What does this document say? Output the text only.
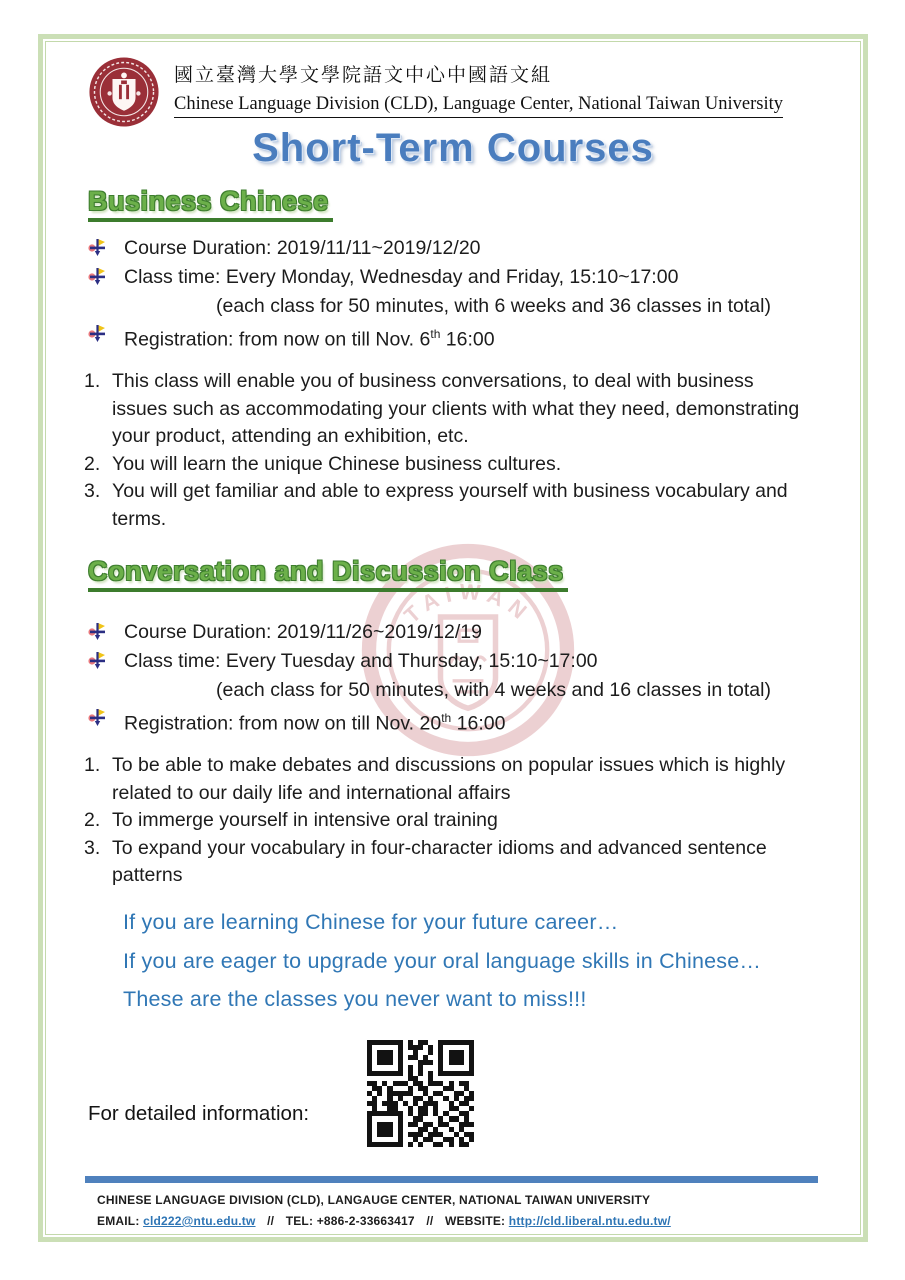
TAIWAN
國立臺灣大學文學院語文中心中國語文組
Chinese Language Division (CLD), Language Center, National Taiwan University
Short-Term Courses
Business Chinese
Course Duration: 2019/11/11~2019/12/20
Class time: Every Monday, Wednesday and Friday, 15:10~17:00
(each class for 50 minutes, with 6 weeks and 36 classes in total)
Registration: from now on till Nov. 6th 16:00
1. This class will enable you of business conversations, to deal with business issues such as accommodating your clients with what they need, demonstrating your product, attending an exhibition, etc.
2. You will learn the unique Chinese business cultures.
3. You will get familiar and able to express yourself with business vocabulary and terms.
Conversation and Discussion Class
Course Duration: 2019/11/26~2019/12/19
Class time: Every Tuesday and Thursday, 15:10~17:00
(each class for 50 minutes, with 4 weeks and 16 classes in total)
Registration: from now on till Nov. 20th 16:00
1. To be able to make debates and discussions on popular issues which is highly related to our daily life and international affairs
2. To immerge yourself in intensive oral training
3. To expand your vocabulary in four-character idioms and advanced sentence patterns
If you are learning Chinese for your future career…
If you are eager to upgrade your oral language skills in Chinese…
These are the classes you never want to miss!!!
For detailed information:
CHINESE LANGUAGE DIVISION (CLD), LANGAUGE CENTER, NATIONAL TAIWAN UNIVERSITY
EMAIL: cld222@ntu.edu.tw // TEL: +886-2-33663417 // WEBSITE: http://cld.liberal.ntu.edu.tw/
